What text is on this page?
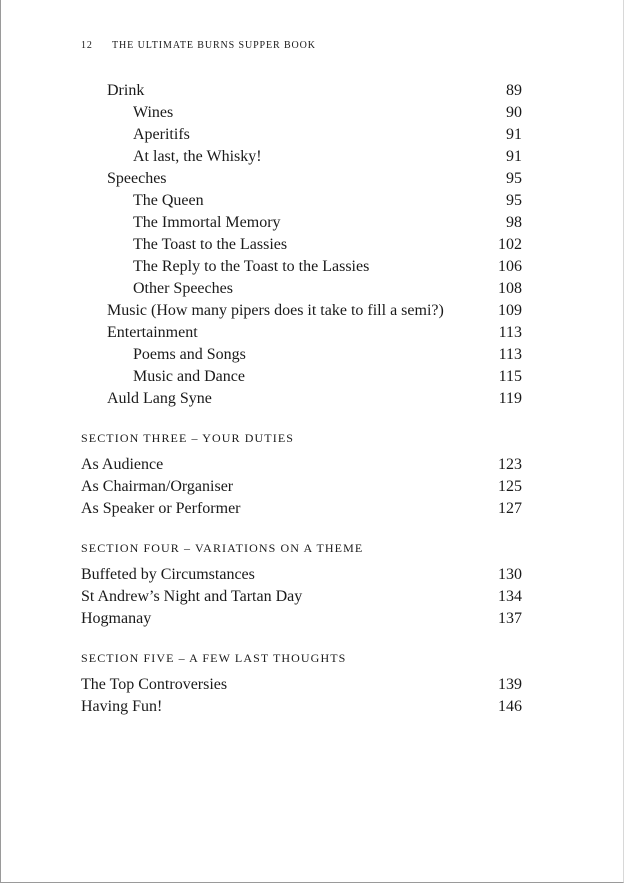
12 THE ULTIMATE BURNS SUPPER BOOK
Drink	89
Wines	90
Aperitifs	91
At last, the Whisky!	91
Speeches	95
The Queen	95
The Immortal Memory	98
The Toast to the Lassies	102
The Reply to the Toast to the Lassies	106
Other Speeches	108
Music (How many pipers does it take to fill a semi?)	109
Entertainment	113
Poems and Songs	113
Music and Dance	115
Auld Lang Syne	119
SECTION THREE – YOUR DUTIES
As Audience	123
As Chairman/Organiser	125
As Speaker or Performer	127
SECTION FOUR – VARIATIONS ON A THEME
Buffeted by Circumstances	130
St Andrew’s Night and Tartan Day	134
Hogmanay	137
SECTION FIVE – A FEW LAST THOUGHTS
The Top Controversies	139
Having Fun!	146
